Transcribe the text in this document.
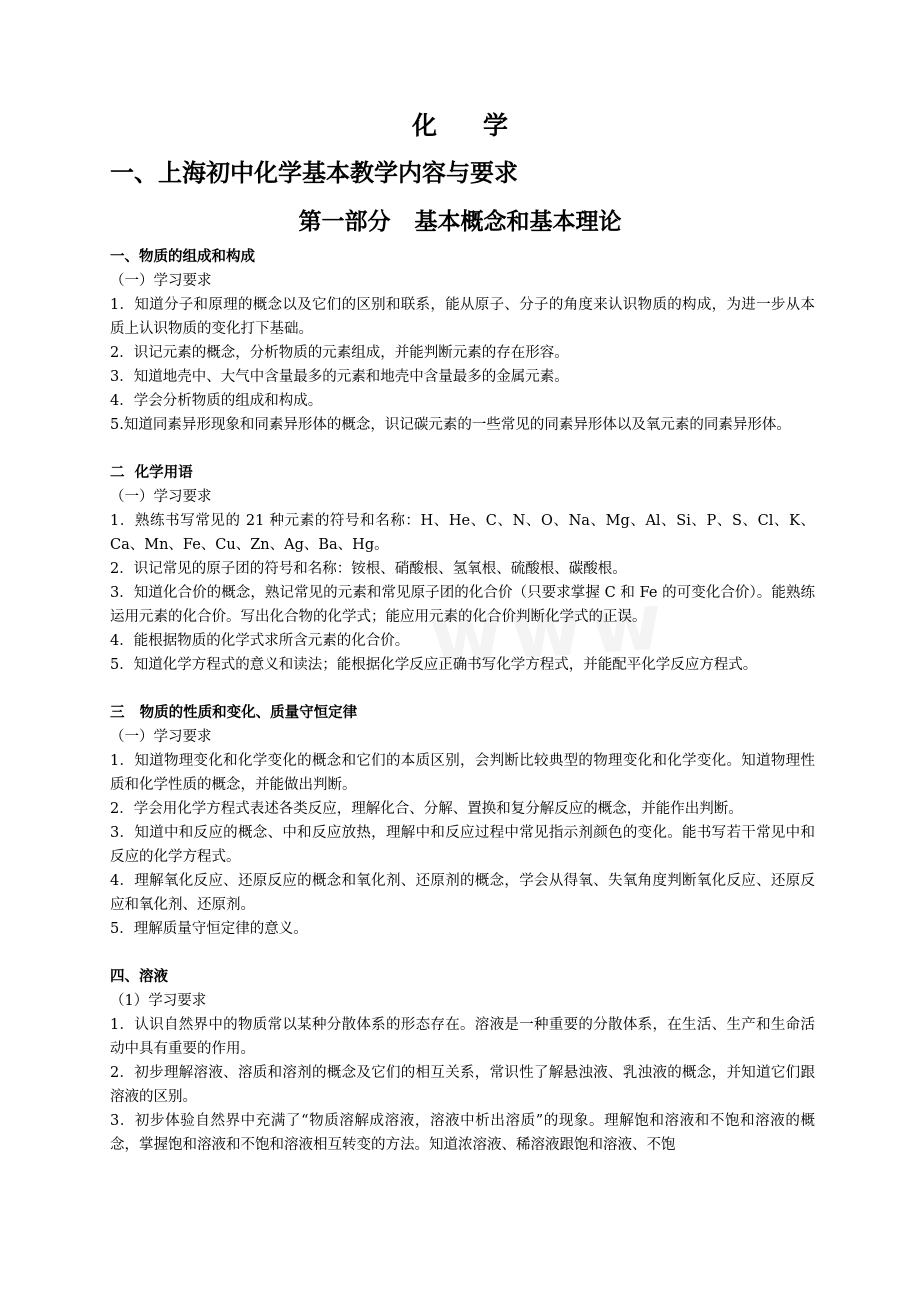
化学
一、上海初中化学基本教学内容与要求
第一部分   基本概念和基本理论
一、物质的组成和构成
（一）学习要求
1．知道分子和原理的概念以及它们的区别和联系，能从原子、分子的角度来认识物质的构成，为进一步从本质上认识物质的变化打下基础。
2．识记元素的概念，分析物质的元素组成，并能判断元素的存在形容。
3．知道地壳中、大气中含量最多的元素和地壳中含量最多的金属元素。
4．学会分析物质的组成和构成。
5.知道同素异形现象和同素异形体的概念，识记碳元素的一些常见的同素异形体以及氧元素的同素异形体。
二  化学用语
（一）学习要求
1．熟练书写常见的 21 种元素的符号和名称：H、He、C、N、O、Na、Mg、Al、Si、P、S、Cl、K、Ca、Mn、Fe、Cu、Zn、Ag、Ba、Hg。
2．识记常见的原子团的符号和名称：铵根、硝酸根、氢氧根、硫酸根、碳酸根。
3．知道化合价的概念，熟记常见的元素和常见原子团的化合价（只要求掌握 C 和 Fe 的可变化合价）。能熟练运用元素的化合价。写出化合物的化学式；能应用元素的化合价判断化学式的正误。
4．能根据物质的化学式求所含元素的化合价。
5．知道化学方程式的意义和读法；能根据化学反应正确书写化学方程式，并能配平化学反应方程式。
三   物质的性质和变化、质量守恒定律
（一）学习要求
1．知道物理变化和化学变化的概念和它们的本质区别，会判断比较典型的物理变化和化学变化。知道物理性质和化学性质的概念，并能做出判断。
2．学会用化学方程式表述各类反应，理解化合、分解、置换和复分解反应的概念，并能作出判断。
3．知道中和反应的概念、中和反应放热，理解中和反应过程中常见指示剂颜色的变化。能书写若干常见中和反应的化学方程式。
4．理解氧化反应、还原反应的概念和氧化剂、还原剂的概念，学会从得氧、失氧角度判断氧化反应、还原反应和氧化剂、还原剂。
5．理解质量守恒定律的意义。
四、溶液
（1）学习要求
1．认识自然界中的物质常以某种分散体系的形态存在。溶液是一种重要的分散体系，在生活、生产和生命活动中具有重要的作用。
2．初步理解溶液、溶质和溶剂的概念及它们的相互关系，常识性了解悬浊液、乳浊液的概念，并知道它们跟溶液的区别。
3．初步体验自然界中充满了“物质溶解成溶液，溶液中析出溶质”的现象。理解饱和溶液和不饱和溶液的概念，掌握饱和溶液和不饱和溶液相互转变的方法。知道浓溶液、稀溶液跟饱和溶液、不饱
